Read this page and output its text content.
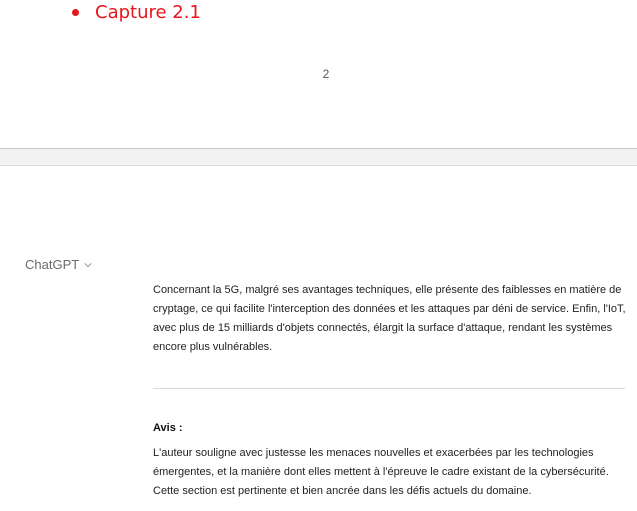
Capture 2.1
2
ChatGPT

Concernant la 5G, malgré ses avantages techniques, elle présente des faiblesses en matière de cryptage, ce qui facilite l'interception des données et les attaques par déni de service. Enfin, l'IoT, avec plus de 15 milliards d'objets connectés, élargit la surface d'attaque, rendant les systèmes encore plus vulnérables.

Avis :

L'auteur souligne avec justesse les menaces nouvelles et exacerbées par les technologies émergentes, et la manière dont elles mettent à l'épreuve le cadre existant de la cybersécurité. Cette section est pertinente et bien ancrée dans les défis actuels du domaine.
